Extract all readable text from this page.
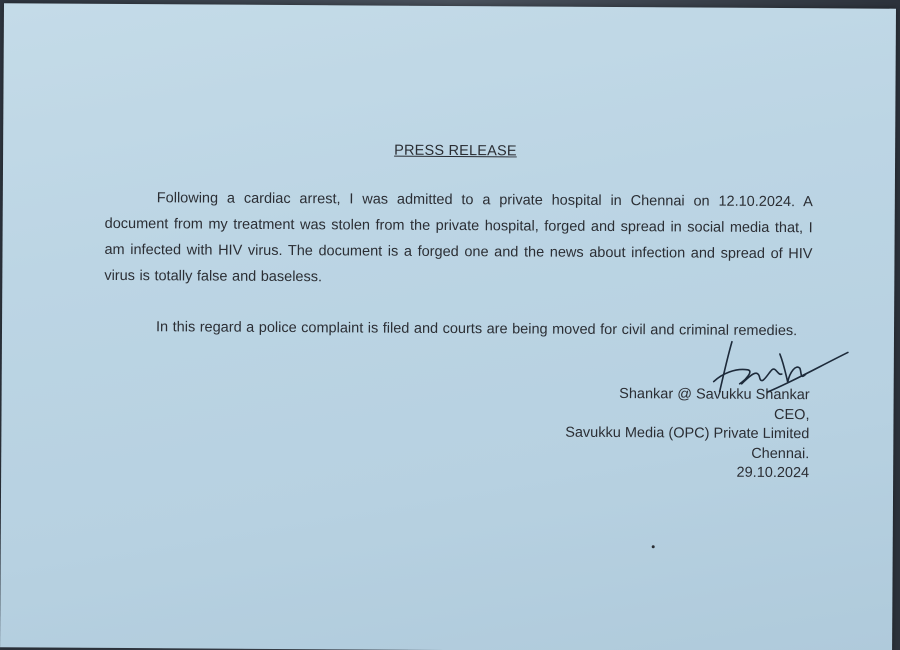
PRESS RELEASE
Following a cardiac arrest, I was admitted to a private hospital in Chennai on 12.10.2024. A document from my treatment was stolen from the private hospital, forged and spread in social media that, I am infected with HIV virus. The document is a forged one and the news about infection and spread of HIV virus is totally false and baseless.
In this regard a police complaint is filed and courts are being moved for civil and criminal remedies.
Shankar @ Savukku Shankar
CEO,
Savukku Media (OPC) Private Limited
Chennai.
29.10.2024
